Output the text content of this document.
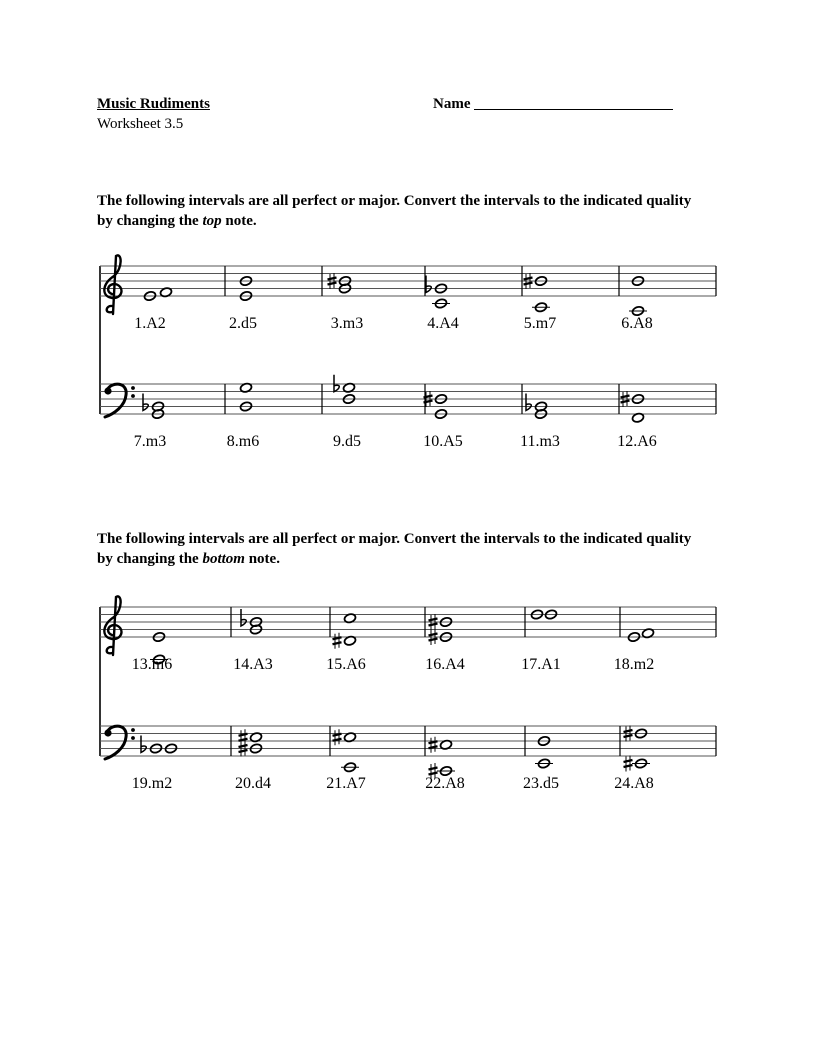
Music Rudiments
Worksheet 3.5
Name
The following intervals are all perfect or major. Convert the intervals to the indicated quality by changing the top note.
The following intervals are all perfect or major. Convert the intervals to the indicated quality by changing the bottom note.
1.A2	2.d5	3.m3	4.A4	5.m7	6.A8
7.m3	8.m6	9.d5	10.A5	11.m3	12.A6
13.m6	14.A3	15.A6	16.A4	17.A1	18.m2
19.m2	20.d4	21.A7	22.A8	23.d5	24.A8
